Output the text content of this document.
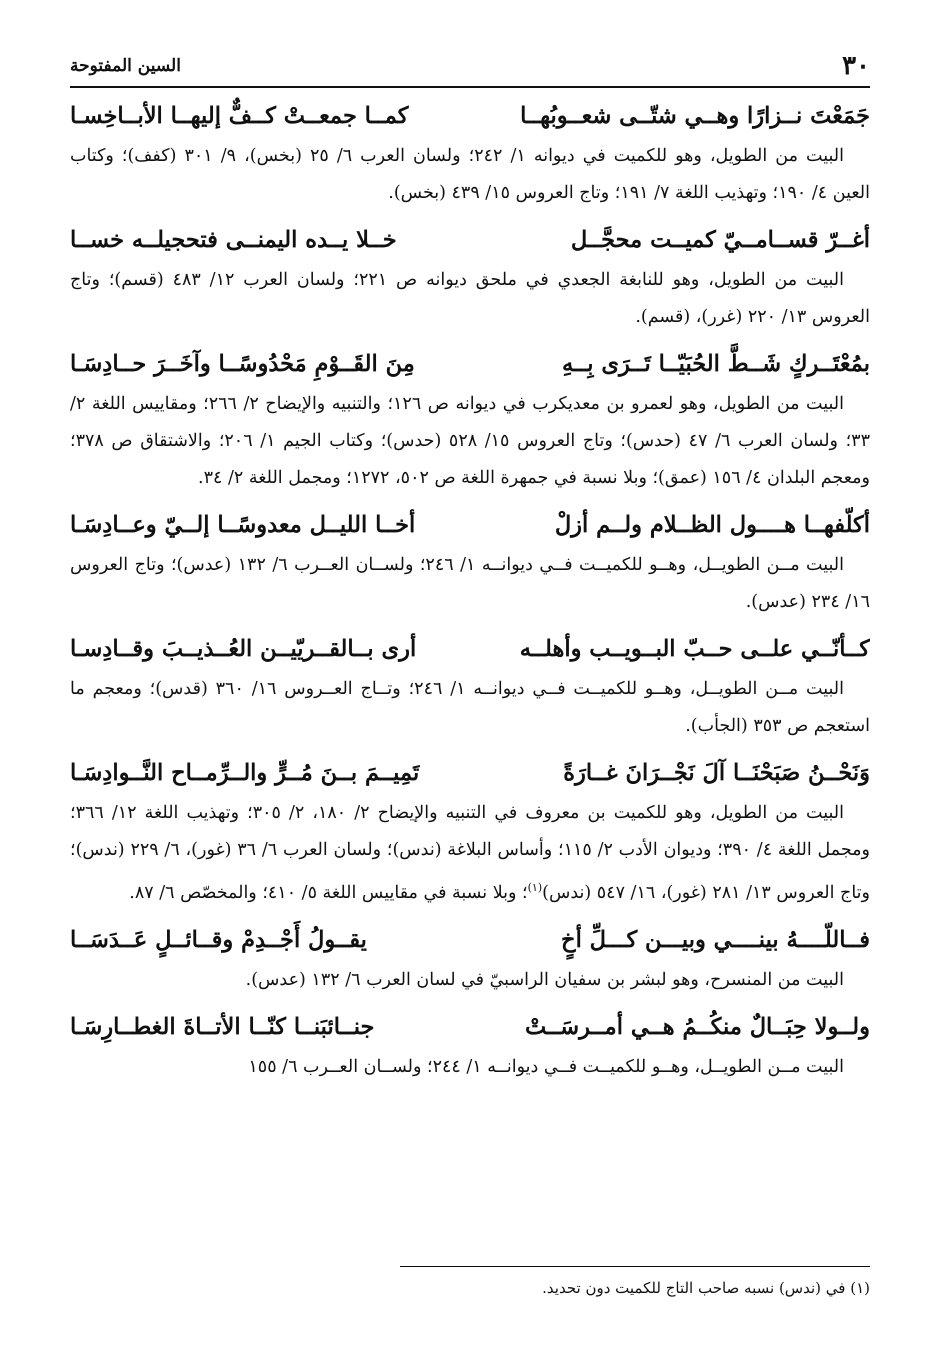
٣٠
السين المفتوحة
جَمَعْتَ نــزارًا وهــي شتّــى شعــوبُهــا
كمــا جمعــتْ كــفٌّ إليهــا الأبــاخِسـا

البيت من الطويل، وهو للكميت في ديوانه ١/ ٢٤٢؛ ولسان العرب ٦/ ٢٥ (بخس)، ٩/ ٣٠١ (كفف)؛ وكتاب العين ٤/ ١٩٠؛ وتهذيب اللغة ٧/ ١٩١؛ وتاج العروس ١٥/ ٤٣٩ (بخس).

أغــرّ قســامــيّ كميــت محجَّــل
خــلا يــده اليمنــى فتحجيلــه خســا

البيت من الطويل، وهو للنابغة الجعدي في ملحق ديوانه ص ٢٢١؛ ولسان العرب ١٢/ ٤٨٣ (قسم)؛ وتاج العروس ١٣/ ٢٢٠ (غرر)، (قسم).

بمُعْتَــركٍ شَــطَّ الحُبَيّــا تَــرَى بِــهِ
مِنَ القَــوْمِ مَحْدُوسًــا وآخَــرَ حــادِسَـا

البيت من الطويل، وهو لعمرو بن معديكرب في ديوانه ص ١٢٦؛ والتنبيه والإيضاح ٢/ ٢٦٦؛ ومقاييس اللغة ٢/ ٣٣؛ ولسان العرب ٦/ ٤٧ (حدس)؛ وتاج العروس ١٥/ ٥٢٨ (حدس)؛ وكتاب الجيم ١/ ٢٠٦؛ والاشتقاق ص ٣٧٨؛ ومعجم البلدان ٤/ ١٥٦ (عمق)؛ وبلا نسبة في جمهرة اللغة ص ٥٠٢، ١٢٧٢؛ ومجمل اللغة ٢/ ٣٤.

أكلّفهــا هــــول الظــلام ولــم أزلْ
أخــا الليــل معدوسًــا إلــيّ وعــادِسَـا

البيت مــن الطويــل، وهــو للكميــت فــي ديوانــه ١/ ٢٤٦؛ ولســان العــرب ٦/ ١٣٢ (عدس)؛ وتاج العروس ١٦/ ٢٣٤ (عدس).

كــأنّــي علــى حــبّ البــويــب وأهلــه
أرى بــالقــريّيــن العُــذيــبَ وقــادِسـا

البيت مــن الطويــل، وهــو للكميــت فــي ديوانــه ١/ ٢٤٦؛ وتــاج العــروس ١٦/ ٣٦٠ (قدس)؛ ومعجم ما استعجم ص ٣٥٣ (الجأب).

وَنَحْــنُ صَبَحْنَــا آلَ نَجْــرَانَ غــارَةً
تَمِيــمَ بــنَ مُــرٍّ والــرِّمــاح النَّــوادِسَـا

البيت من الطويل، وهو للكميت بن معروف في التنبيه والإيضاح ٢/ ١٨٠، ٢/ ٣٠٥؛ وتهذيب اللغة ١٢/ ٣٦٦؛ ومجمل اللغة ٤/ ٣٩٠؛ وديوان الأدب ٢/ ١١٥؛ وأساس البلاغة (ندس)؛ ولسان العرب ٦/ ٣٦ (غور)، ٦/ ٢٢٩ (ندس)؛ وتاج العروس ١٣/ ٢٨١ (غور)، ١٦/ ٥٤٧ (ندس)$^{(١)}$؛ وبلا نسبة في مقاييس اللغة ٥/ ٤١٠؛ والمخصّص ٦/ ٨٧.

فــاللّــــهُ بينــــي وبيـــن كـــلِّ أخٍ
يقــولُ أَجْــدِمْ وقــائــلٍ عَــدَسَــا

البيت من المنسرح، وهو لبشر بن سفيان الراسبيّ في لسان العرب ٦/ ١٣٢ (عدس).

ولــولا حِبَــالٌ منكُــمُ هــي أمــرسَــتْ
جنــائبَنــا كنّــا الأتــاةَ الغطــارِسَـا

البيت مــن الطويــل، وهــو للكميــت فــي ديوانــه ١/ ٢٤٤؛ ولســان العــرب ٦/ ١٥٥

(١) في (ندس) نسبه صاحب التاج للكميت دون تحديد.
